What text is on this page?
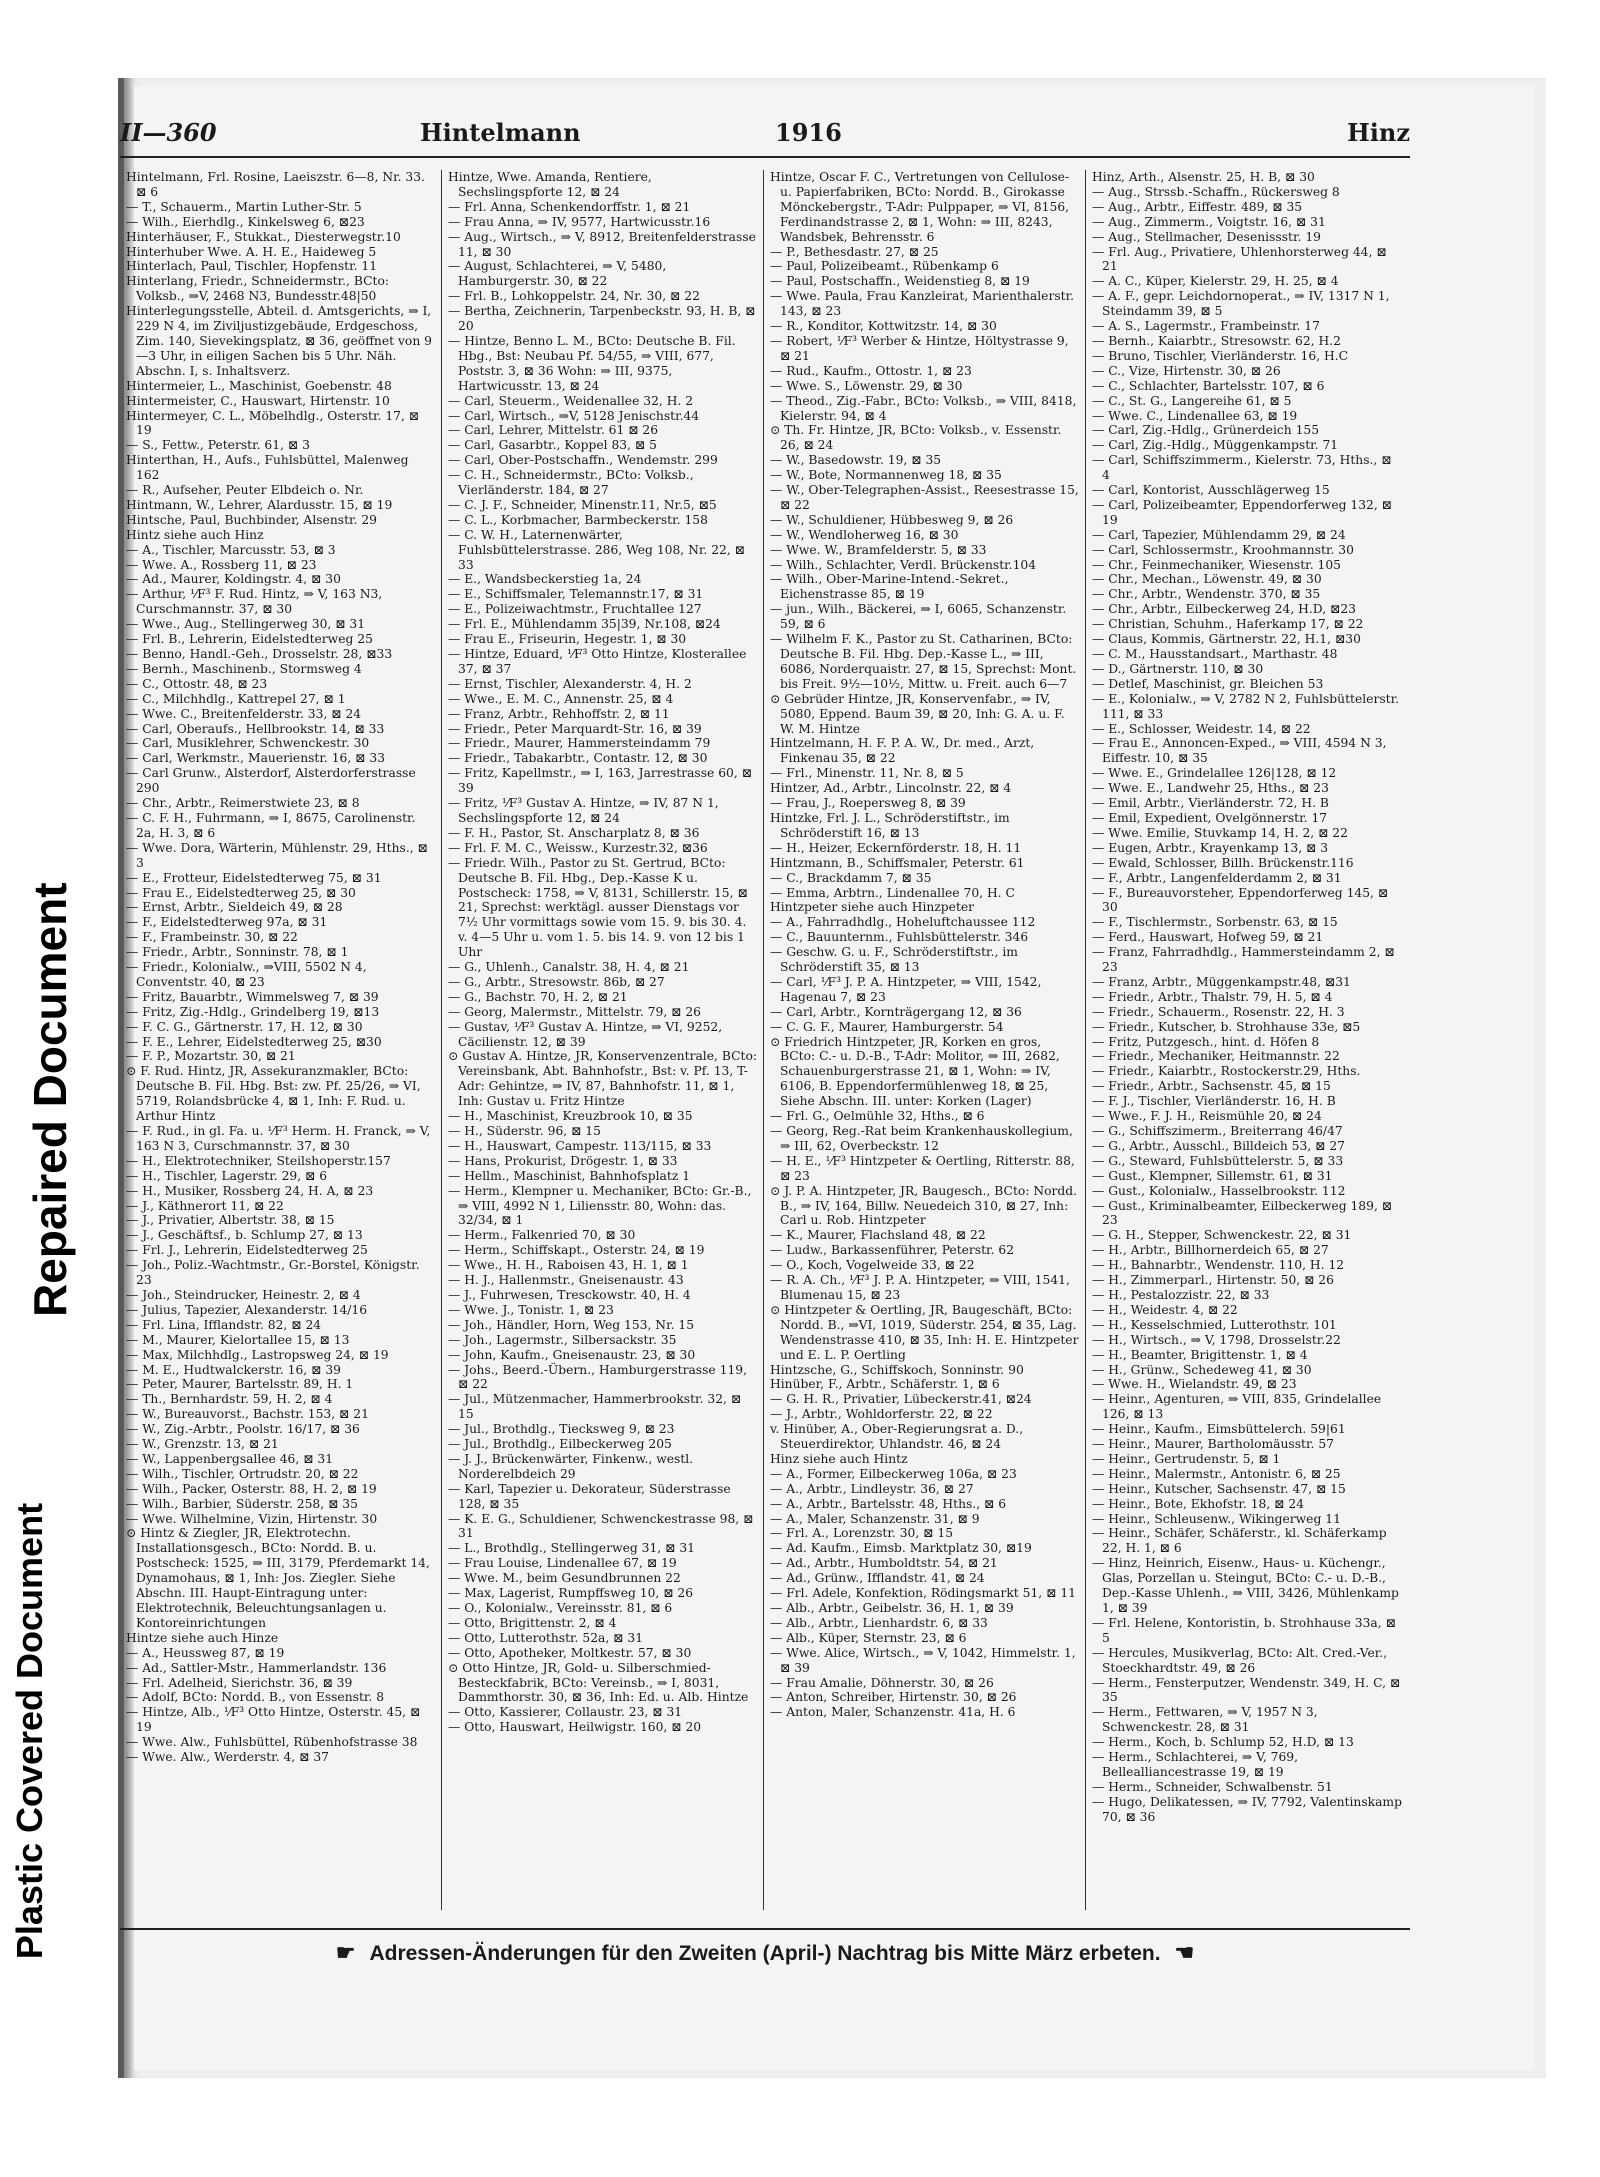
Repaired Document
Plastic Covered Document
II—360	Hintelmann	1916	Hinz

Hintelmann, Frl. Rosine, Laeiszstr. 6—8, Nr. 33. ⊠ 6

— T., Schauerm., Martin Luther-Str. 5

— Wilh., Eierhdlg., Kinkelsweg 6, ⊠23

Hinterhäuser, F., Stukkat., Diesterwegstr.10

Hinterhuber Wwe. A. H. E., Haideweg 5

Hinterlach, Paul, Tischler, Hopfenstr. 11

Hinterlang, Friedr., Schneidermstr., BCto: Volksb., ⇒V, 2468 N3, Bundesstr.48|50

Hinterlegungsstelle, Abteil. d. Amtsgerichts, ⇒ I, 229 N 4, im Ziviljustizgebäude, Erdgeschoss, Zim. 140, Sievekingsplatz, ⊠ 36, geöffnet von 9—3 Uhr, in eiligen Sachen bis 5 Uhr. Näh. Abschn. I, s. Inhaltsverz.

Hintermeier, L., Maschinist, Goebenstr. 48

Hintermeister, C., Hauswart, Hirtenstr. 10

Hintermeyer, C. L., Möbelhdlg., Osterstr. 17, ⊠ 19

— S., Fettw., Peterstr. 61, ⊠ 3

Hinterthan, H., Aufs., Fuhlsbüttel, Malenweg 162

— R., Aufseher, Peuter Elbdeich o. Nr.

Hintmann, W., Lehrer, Alardusstr. 15, ⊠ 19

Hintsche, Paul, Buchbinder, Alsenstr. 29

Hintz siehe auch Hinz

— A., Tischler, Marcusstr. 53, ⊠ 3

— Wwe. A., Rossberg 11, ⊠ 23

— Ad., Maurer, Koldingstr. 4, ⊠ 30

— Arthur, ⅟F³ F. Rud. Hintz, ⇒ V, 163 N3, Curschmannstr. 37, ⊠ 30

— Wwe., Aug., Stellingerweg 30, ⊠ 31

— Frl. B., Lehrerin, Eidelstedterweg 25

— Benno, Handl.-Geh., Drosselstr. 28, ⊠33

— Bernh., Maschinenb., Stormsweg 4

— C., Ottostr. 48, ⊠ 23

— C., Milchhdlg., Kattrepel 27, ⊠ 1

— Wwe. C., Breitenfelderstr. 33, ⊠ 24

— Carl, Oberaufs., Hellbrookstr. 14, ⊠ 33

— Carl, Musiklehrer, Schwenckestr. 30

— Carl, Werkmstr., Mauerienstr. 16, ⊠ 33

— Carl Grunw., Alsterdorf, Alsterdorferstrasse 290

— Chr., Arbtr., Reimerstwiete 23, ⊠ 8

— C. F. H., Fuhrmann, ⇒ I, 8675, Carolinenstr. 2a, H. 3, ⊠ 6

— Wwe. Dora, Wärterin, Mühlenstr. 29, Hths., ⊠ 3

— E., Frotteur, Eidelstedterweg 75, ⊠ 31

— Frau E., Eidelstedterweg 25, ⊠ 30

— Ernst, Arbtr., Sieldeich 49, ⊠ 28

— F., Eidelstedterweg 97a, ⊠ 31

— F., Frambeinstr. 30, ⊠ 22

— Friedr., Arbtr., Sonninstr. 78, ⊠ 1

— Friedr., Kolonialw., ⇒VIII, 5502 N 4, Conventstr. 40, ⊠ 23

— Fritz, Bauarbtr., Wimmelsweg 7, ⊠ 39

— Fritz, Zig.-Hdlg., Grindelberg 19, ⊠13

— F. C. G., Gärtnerstr. 17, H. 12, ⊠ 30

— F. E., Lehrer, Eidelstedterweg 25, ⊠30

— F. P., Mozartstr. 30, ⊠ 21

⊙ F. Rud. Hintz, JR, Assekuranzmakler, BCto: Deutsche B. Fil. Hbg. Bst: zw. Pf. 25/26, ⇒ VI, 5719, Rolandsbrücke 4, ⊠ 1, Inh: F. Rud. u. Arthur Hintz

— F. Rud., in gl. Fa. u. ⅟F³ Herm. H. Franck, ⇒ V, 163 N 3, Curschmannstr. 37, ⊠ 30

— H., Elektrotechniker, Steilshoperstr.157

— H., Tischler, Lagerstr. 29, ⊠ 6

— H., Musiker, Rossberg 24, H. A, ⊠ 23

— J., Käthnerort 11, ⊠ 22

— J., Privatier, Albertstr. 38, ⊠ 15

— J., Geschäftsf., b. Schlump 27, ⊠ 13

— Frl. J., Lehrerin, Eidelstedterweg 25

— Joh., Poliz.-Wachtmstr., Gr.-Borstel, Königstr. 23

— Joh., Steindrucker, Heinestr. 2, ⊠ 4

— Julius, Tapezier, Alexanderstr. 14/16

— Frl. Lina, Ifflandstr. 82, ⊠ 24

— M., Maurer, Kielortallee 15, ⊠ 13

— Max, Milchhdlg., Lastropsweg 24, ⊠ 19

— M. E., Hudtwalckerstr. 16, ⊠ 39

— Peter, Maurer, Bartelsstr. 89, H. 1

— Th., Bernhardstr. 59, H. 2, ⊠ 4

— W., Bureauvorst., Bachstr. 153, ⊠ 21

— W., Zig.-Arbtr., Poolstr. 16/17, ⊠ 36

— W., Grenzstr. 13, ⊠ 21

— W., Lappenbergsallee 46, ⊠ 31

— Wilh., Tischler, Ortrudstr. 20, ⊠ 22

— Wilh., Packer, Osterstr. 88, H. 2, ⊠ 19

— Wilh., Barbier, Süderstr. 258, ⊠ 35

— Wwe. Wilhelmine, Vizin, Hirtenstr. 30

⊙ Hintz & Ziegler, JR, Elektrotechn. Installationsgesch., BCto: Nordd. B. u. Postscheck: 1525, ⇒ III, 3179, Pferdemarkt 14, Dynamohaus, ⊠ 1, Inh: Jos. Ziegler. Siehe Abschn. III. Haupt-Eintragung unter: Elektrotechnik, Beleuchtungsanlagen u. Kontoreinrichtungen

Hintze siehe auch Hinze

— A., Heussweg 87, ⊠ 19

— Ad., Sattler-Mstr., Hammerlandstr. 136

— Frl. Adelheid, Sierichstr. 36, ⊠ 39

— Adolf, BCto: Nordd. B., von Essenstr. 8

— Hintze, Alb., ⅟F³ Otto Hintze, Osterstr. 45, ⊠ 19

— Wwe. Alw., Fuhlsbüttel, Rübenhofstrasse 38

— Wwe. Alw., Werderstr. 4, ⊠ 37

Hintze, Wwe. Amanda, Rentiere, Sechslingspforte 12, ⊠ 24

— Frl. Anna, Schenkendorffstr. 1, ⊠ 21

— Frau Anna, ⇒ IV, 9577, Hartwicusstr.16

— Aug., Wirtsch., ⇒ V, 8912, Breitenfelderstrasse 11, ⊠ 30

— August, Schlachterei, ⇒ V, 5480, Hamburgerstr. 30, ⊠ 22

— Frl. B., Lohkoppelstr. 24, Nr. 30, ⊠ 22

— Bertha, Zeichnerin, Tarpenbeckstr. 93, H. B, ⊠ 20

— Hintze, Benno L. M., BCto: Deutsche B. Fil. Hbg., Bst: Neubau Pf. 54/55, ⇒ VIII, 677, Poststr. 3, ⊠ 36 Wohn: ⇒ III, 9375, Hartwicusstr. 13, ⊠ 24

— Carl, Steuerm., Weidenallee 32, H. 2

— Carl, Wirtsch., ⇒V, 5128 Jenischstr.44

— Carl, Lehrer, Mittelstr. 61 ⊠ 26

— Carl, Gasarbtr., Koppel 83, ⊠ 5

— Carl, Ober-Postschaffn., Wendemstr. 299

— C. H., Schneidermstr., BCto: Volksb., Vierländerstr. 184, ⊠ 27

— C. J. F., Schneider, Minenstr.11, Nr.5, ⊠5

— C. L., Korbmacher, Barmbeckerstr. 158

— C. W. H., Laternenwärter, Fuhlsbüttelerstrasse. 286, Weg 108, Nr. 22, ⊠ 33

— E., Wandsbeckerstieg 1a, 24

— E., Schiffsmaler, Telemannstr.17, ⊠ 31

— E., Polizeiwachtmstr., Fruchtallee 127

— Frl. E., Mühlendamm 35|39, Nr.108, ⊠24

— Frau E., Friseurin, Hegestr. 1, ⊠ 30

— Hintze, Eduard, ⅟F³ Otto Hintze, Klosterallee 37, ⊠ 37

— Ernst, Tischler, Alexanderstr. 4, H. 2

— Wwe., E. M. C., Annenstr. 25, ⊠ 4

— Franz, Arbtr., Rehhoffstr. 2, ⊠ 11

— Friedr., Peter Marquardt-Str. 16, ⊠ 39

— Friedr., Maurer, Hammersteindamm 79

— Friedr., Tabakarbtr., Contastr. 12, ⊠ 30

— Fritz, Kapellmstr., ⇒ I, 163, Jarrestrasse 60, ⊠ 39

— Fritz, ⅟F³ Gustav A. Hintze, ⇒ IV, 87 N 1, Sechslingspforte 12, ⊠ 24

— F. H., Pastor, St. Anscharplatz 8, ⊠ 36

— Frl. F. M. C., Weissw., Kurzestr.32, ⊠36

— Friedr. Wilh., Pastor zu St. Gertrud, BCto: Deutsche B. Fil. Hbg., Dep.-Kasse K u. Postscheck: 1758, ⇒ V, 8131, Schillerstr. 15, ⊠ 21, Sprechst: werktägl. ausser Dienstags vor 7½ Uhr vormittags sowie vom 15. 9. bis 30. 4. v. 4—5 Uhr u. vom 1. 5. bis 14. 9. von 12 bis 1 Uhr

— G., Uhlenh., Canalstr. 38, H. 4, ⊠ 21

— G., Arbtr., Stresowstr. 86b, ⊠ 27

— G., Bachstr. 70, H. 2, ⊠ 21

— Georg, Malermstr., Mittelstr. 79, ⊠ 26

— Gustav, ⅟F³ Gustav A. Hintze, ⇒ VI, 9252, Cäcilienstr. 12, ⊠ 39

⊙ Gustav A. Hintze, JR, Konservenzentrale, BCto: Vereinsbank, Abt. Bahnhofstr., Bst: v. Pf. 13, T-Adr: Gehintze, ⇒ IV, 87, Bahnhofstr. 11, ⊠ 1, Inh: Gustav u. Fritz Hintze

— H., Maschinist, Kreuzbrook 10, ⊠ 35

— H., Süderstr. 96, ⊠ 15

— H., Hauswart, Campestr. 113/115, ⊠ 33

— Hans, Prokurist, Drögestr. 1, ⊠ 33

— Hellm., Maschinist, Bahnhofsplatz 1

— Herm., Klempner u. Mechaniker, BCto: Gr.-B., ⇒ VIII, 4992 N 1, Liliensstr. 80, Wohn: das. 32/34, ⊠ 1

— Herm., Falkenried 70, ⊠ 30

— Herm., Schiffskapt., Osterstr. 24, ⊠ 19

— Wwe., H. H., Raboisen 43, H. 1, ⊠ 1

— H. J., Hallenmstr., Gneisenaustr. 43

— J., Fuhrwesen, Tresckowstr. 40, H. 4

— Wwe. J., Tonistr. 1, ⊠ 23

— Joh., Händler, Horn, Weg 153, Nr. 15

— Joh., Lagermstr., Silbersackstr. 35

— John, Kaufm., Gneisenaustr. 23, ⊠ 30

— Johs., Beerd.-Übern., Hamburgerstrasse 119, ⊠ 22

— Jul., Mützenmacher, Hammerbrookstr. 32, ⊠ 15

— Jul., Brothdlg., Tiecksweg 9, ⊠ 23

— Jul., Brothdlg., Eilbeckerweg 205

— J. J., Brückenwärter, Finkenw., westl. Norderelbdeich 29

— Karl, Tapezier u. Dekorateur, Süderstrasse 128, ⊠ 35

— K. E. G., Schuldiener, Schwenckestrasse 98, ⊠ 31

— L., Brothdlg., Stellingerweg 31, ⊠ 31

— Frau Louise, Lindenallee 67, ⊠ 19

— Wwe. M., beim Gesundbrunnen 22

— Max, Lagerist, Rumpffsweg 10, ⊠ 26

— O., Kolonialw., Vereinsstr. 81, ⊠ 6

— Otto, Brigittenstr. 2, ⊠ 4

— Otto, Lutterothstr. 52a, ⊠ 31

— Otto, Apotheker, Moltkestr. 57, ⊠ 30

⊙ Otto Hintze, JR, Gold- u. Silberschmied-Besteckfabrik, BCto: Vereinsb., ⇒ I, 8031, Dammthorstr. 30, ⊠ 36, Inh: Ed. u. Alb. Hintze

— Otto, Kassierer, Collaustr. 23, ⊠ 31

— Otto, Hauswart, Heilwigstr. 160, ⊠ 20

Hintze, Oscar F. C., Vertretungen von Cellulose- u. Papierfabriken, BCto: Nordd. B., Girokasse Mönckebergstr., T-Adr: Pulppaper, ⇒ VI, 8156, Ferdinandstrasse 2, ⊠ 1, Wohn: ⇒ III, 8243, Wandsbek, Behrensstr. 6

— P., Bethesdastr. 27, ⊠ 25

— Paul, Polizeibeamt., Rübenkamp 6

— Paul, Postschaffn., Weidenstieg 8, ⊠ 19

— Wwe. Paula, Frau Kanzleirat, Marienthalerstr. 143, ⊠ 23

— R., Konditor, Kottwitzstr. 14, ⊠ 30

— Robert, ⅟F³ Werber & Hintze, Höltystrasse 9, ⊠ 21

— Rud., Kaufm., Ottostr. 1, ⊠ 23

— Wwe. S., Löwenstr. 29, ⊠ 30

— Theod., Zig.-Fabr., BCto: Volksb., ⇒ VIII, 8418, Kielerstr. 94, ⊠ 4

⊙ Th. Fr. Hintze, JR, BCto: Volksb., v. Essenstr. 26, ⊠ 24

— W., Basedowstr. 19, ⊠ 35

— W., Bote, Normannenweg 18, ⊠ 35

— W., Ober-Telegraphen-Assist., Reesestrasse 15, ⊠ 22

— W., Schuldiener, Hübbesweg 9, ⊠ 26

— W., Wendloherweg 16, ⊠ 30

— Wwe. W., Bramfelderstr. 5, ⊠ 33

— Wilh., Schlachter, Verdl. Brückenstr.104

— Wilh., Ober-Marine-Intend.-Sekret., Eichenstrasse 85, ⊠ 19

— jun., Wilh., Bäckerei, ⇒ I, 6065, Schanzenstr. 59, ⊠ 6

— Wilhelm F. K., Pastor zu St. Catharinen, BCto: Deutsche B. Fil. Hbg. Dep.-Kasse L., ⇒ III, 6086, Norderquaistr. 27, ⊠ 15, Sprechst: Mont. bis Freit. 9½—10½, Mittw. u. Freit. auch 6—7

⊙ Gebrüder Hintze, JR, Konservenfabr., ⇒ IV, 5080, Eppend. Baum 39, ⊠ 20, Inh: G. A. u. F. W. M. Hintze

Hintzelmann, H. F. P. A. W., Dr. med., Arzt, Finkenau 35, ⊠ 22

— Frl., Minenstr. 11, Nr. 8, ⊠ 5

Hintzer, Ad., Arbtr., Lincolnstr. 22, ⊠ 4

— Frau, J., Roepersweg 8, ⊠ 39

Hintzke, Frl. J. L., Schröderstiftstr., im Schröderstift 16, ⊠ 13

— H., Heizer, Eckernförderstr. 18, H. 11

Hintzmann, B., Schiffsmaler, Peterstr. 61

— C., Brackdamm 7, ⊠ 35

— Emma, Arbtrn., Lindenallee 70, H. C

Hintzpeter siehe auch Hinzpeter

— A., Fahrradhdlg., Hoheluftchaussee 112

— C., Bauunternm., Fuhlsbüttelerstr. 346

— Geschw. G. u. F., Schröderstiftstr., im Schröderstift 35, ⊠ 13

— Carl, ⅟F³ J. P. A. Hintzpeter, ⇒ VIII, 1542, Hagenau 7, ⊠ 23

— Carl, Arbtr., Kornträgergang 12, ⊠ 36

— C. G. F., Maurer, Hamburgerstr. 54

⊙ Friedrich Hintzpeter, JR, Korken en gros, BCto: C.- u. D.-B., T-Adr: Molitor, ⇒ III, 2682, Schauenburgerstrasse 21, ⊠ 1, Wohn: ⇒ IV, 6106, B. Eppendorfermühlenweg 18, ⊠ 25, Siehe Abschn. III. unter: Korken (Lager)

— Frl. G., Oelmühle 32, Hths., ⊠ 6

— Georg, Reg.-Rat beim Krankenhauskollegium, ⇒ III, 62, Overbeckstr. 12

— H. E., ⅟F³ Hintzpeter & Oertling, Ritterstr. 88, ⊠ 23

⊙ J. P. A. Hintzpeter, JR, Baugesch., BCto: Nordd. B., ⇒ IV, 164, Billw. Neuedeich 310, ⊠ 27, Inh: Carl u. Rob. Hintzpeter

— K., Maurer, Flachsland 48, ⊠ 22

— Ludw., Barkassenführer, Peterstr. 62

— O., Koch, Vogelweide 33, ⊠ 22

— R. A. Ch., ⅟F³ J. P. A. Hintzpeter, ⇒ VIII, 1541, Blumenau 15, ⊠ 23

⊙ Hintzpeter & Oertling, JR, Baugeschäft, BCto: Nordd. B., ⇒VI, 1019, Süderstr. 254, ⊠ 35, Lag. Wendenstrasse 410, ⊠ 35, Inh: H. E. Hintzpeter und E. L. P. Oertling

Hintzsche, G., Schiffskoch, Sonninstr. 90

Hinüber, F., Arbtr., Schäferstr. 1, ⊠ 6

— G. H. R., Privatier, Lübeckerstr.41, ⊠24

— J., Arbtr., Wohldorferstr. 22, ⊠ 22

v. Hinüber, A., Ober-Regierungsrat a. D., Steuerdirektor, Uhlandstr. 46, ⊠ 24

Hinz siehe auch Hintz

— A., Former, Eilbeckerweg 106a, ⊠ 23

— A., Arbtr., Lindleystr. 36, ⊠ 27

— A., Arbtr., Bartelsstr. 48, Hths., ⊠ 6

— A., Maler, Schanzenstr. 31, ⊠ 9

— Frl. A., Lorenzstr. 30, ⊠ 15

— Ad. Kaufm., Eimsb. Marktplatz 30, ⊠19

— Ad., Arbtr., Humboldtstr. 54, ⊠ 21

— Ad., Grünw., Ifflandstr. 41, ⊠ 24

— Frl. Adele, Konfektion, Rödingsmarkt 51, ⊠ 11

— Alb., Arbtr., Geibelstr. 36, H. 1, ⊠ 39

— Alb., Arbtr., Lienhardstr. 6, ⊠ 33

— Alb., Küper, Sternstr. 23, ⊠ 6

— Wwe. Alice, Wirtsch., ⇒ V, 1042, Himmelstr. 1, ⊠ 39

— Frau Amalie, Döhnerstr. 30, ⊠ 26

— Anton, Schreiber, Hirtenstr. 30, ⊠ 26

— Anton, Maler, Schanzenstr. 41a, H. 6

Hinz, Arth., Alsenstr. 25, H. B, ⊠ 30

— Aug., Strssb.-Schaffn., Rückersweg 8

— Aug., Arbtr., Eiffestr. 489, ⊠ 35

— Aug., Zimmerm., Voigtstr. 16, ⊠ 31

— Aug., Stellmacher, Desenissstr. 19

— Frl. Aug., Privatiere, Uhlenhorsterweg 44, ⊠ 21

— A. C., Küper, Kielerstr. 29, H. 25, ⊠ 4

— A. F., gepr. Leichdornoperat., ⇒ IV, 1317 N 1, Steindamm 39, ⊠ 5

— A. S., Lagermstr., Frambeinstr. 17

— Bernh., Kaiarbtr., Stresowstr. 62, H.2

— Bruno, Tischler, Vierländerstr. 16, H.C

— C., Vize, Hirtenstr. 30, ⊠ 26

— C., Schlachter, Bartelsstr. 107, ⊠ 6

— C., St. G., Langereihe 61, ⊠ 5

— Wwe. C., Lindenallee 63, ⊠ 19

— Carl, Zig.-Hdlg., Grünerdeich 155

— Carl, Zig.-Hdlg., Müggenkampstr. 71

— Carl, Schiffszimmerm., Kielerstr. 73, Hths., ⊠ 4

— Carl, Kontorist, Ausschlägerweg 15

— Carl, Polizeibeamter, Eppendorferweg 132, ⊠ 19

— Carl, Tapezier, Mühlendamm 29, ⊠ 24

— Carl, Schlossermstr., Kroohmannstr. 30

— Chr., Feinmechaniker, Wiesenstr. 105

— Chr., Mechan., Löwenstr. 49, ⊠ 30

— Chr., Arbtr., Wendenstr. 370, ⊠ 35

— Chr., Arbtr., Eilbeckerweg 24, H.D, ⊠23

— Christian, Schuhm., Haferkamp 17, ⊠ 22

— Claus, Kommis, Gärtnerstr. 22, H.1, ⊠30

— C. M., Hausstandsart., Marthastr. 48

— D., Gärtnerstr. 110, ⊠ 30

— Detlef, Maschinist, gr. Bleichen 53

— E., Kolonialw., ⇒ V, 2782 N 2, Fuhlsbüttelerstr. 111, ⊠ 33

— E., Schlosser, Weidestr. 14, ⊠ 22

— Frau E., Annoncen-Exped., ⇒ VIII, 4594 N 3, Eiffestr. 10, ⊠ 35

— Wwe. E., Grindelallee 126|128, ⊠ 12

— Wwe. E., Landwehr 25, Hths., ⊠ 23

— Emil, Arbtr., Vierländerstr. 72, H. B

— Emil, Expedient, Ovelgönnerstr. 17

— Wwe. Emilie, Stuvkamp 14, H. 2, ⊠ 22

— Eugen, Arbtr., Krayenkamp 13, ⊠ 3

— Ewald, Schlosser, Billh. Brückenstr.116

— F., Arbtr., Langenfelderdamm 2, ⊠ 31

— F., Bureauvorsteher, Eppendorferweg 145, ⊠ 30

— F., Tischlermstr., Sorbenstr. 63, ⊠ 15

— Ferd., Hauswart, Hofweg 59, ⊠ 21

— Franz, Fahrradhdlg., Hammersteindamm 2, ⊠ 23

— Franz, Arbtr., Müggenkampstr.48, ⊠31

— Friedr., Arbtr., Thalstr. 79, H. 5, ⊠ 4

— Friedr., Schauerm., Rosenstr. 22, H. 3

— Friedr., Kutscher, b. Strohhause 33e, ⊠5

— Fritz, Putzgesch., hint. d. Höfen 8

— Friedr., Mechaniker, Heitmannstr. 22

— Friedr., Kaiarbtr., Rostockerstr.29, Hths.

— Friedr., Arbtr., Sachsenstr. 45, ⊠ 15

— F. J., Tischler, Vierländerstr. 16, H. B

— Wwe., F. J. H., Reismühle 20, ⊠ 24

— G., Schiffszimerm., Breiterrang 46/47

— G., Arbtr., Ausschl., Billdeich 53, ⊠ 27

— G., Steward, Fuhlsbüttelerstr. 5, ⊠ 33

— Gust., Klempner, Sillemstr. 61, ⊠ 31

— Gust., Kolonialw., Hasselbrookstr. 112

— Gust., Kriminalbeamter, Eilbeckerweg 189, ⊠ 23

— G. H., Stepper, Schwenckestr. 22, ⊠ 31

— H., Arbtr., Billhornerdeich 65, ⊠ 27

— H., Bahnarbtr., Wendenstr. 110, H. 12

— H., Zimmerparl., Hirtenstr. 50, ⊠ 26

— H., Pestalozzistr. 22, ⊠ 33

— H., Weidestr. 4, ⊠ 22

— H., Kesselschmied, Lutterothstr. 101

— H., Wirtsch., ⇒ V, 1798, Drosselstr.22

— H., Beamter, Brigittenstr. 1, ⊠ 4

— H., Grünw., Schedeweg 41, ⊠ 30

— Wwe. H., Wielandstr. 49, ⊠ 23

— Heinr., Agenturen, ⇒ VIII, 835, Grindelallee 126, ⊠ 13

— Heinr., Kaufm., Eimsbüttelerch. 59|61

— Heinr., Maurer, Bartholomäusstr. 57

— Heinr., Gertrudenstr. 5, ⊠ 1

— Heinr., Malermstr., Antonistr. 6, ⊠ 25

— Heinr., Kutscher, Sachsenstr. 47, ⊠ 15

— Heinr., Bote, Ekhofstr. 18, ⊠ 24

— Heinr., Schleusenw., Wikingerweg 11

— Heinr., Schäfer, Schäferstr., kl. Schäferkamp 22, H. 1, ⊠ 6

— Hinz, Heinrich, Eisenw., Haus- u. Küchengr., Glas, Porzellan u. Steingut, BCto: C.- u. D.-B., Dep.-Kasse Uhlenh., ⇒ VIII, 3426, Mühlenkamp 1, ⊠ 39

— Frl. Helene, Kontoristin, b. Strohhause 33a, ⊠ 5

— Hercules, Musikverlag, BCto: Alt. Cred.-Ver., Stoeckhardtstr. 49, ⊠ 26

— Herm., Fensterputzer, Wendenstr. 349, H. C, ⊠ 35

— Herm., Fettwaren, ⇒ V, 1957 N 3, Schwenckestr. 28, ⊠ 31

— Herm., Koch, b. Schlump 52, H.D, ⊠ 13

— Herm., Schlachterei, ⇒ V, 769, Bellealliancestrasse 19, ⊠ 19

— Herm., Schneider, Schwalbenstr. 51

— Hugo, Delikatessen, ⇒ IV, 7792, Valentinskamp 70, ⊠ 36

☛ Adressen-Änderungen für den Zweiten (April-) Nachtrag bis Mitte März erbeten. ☚
